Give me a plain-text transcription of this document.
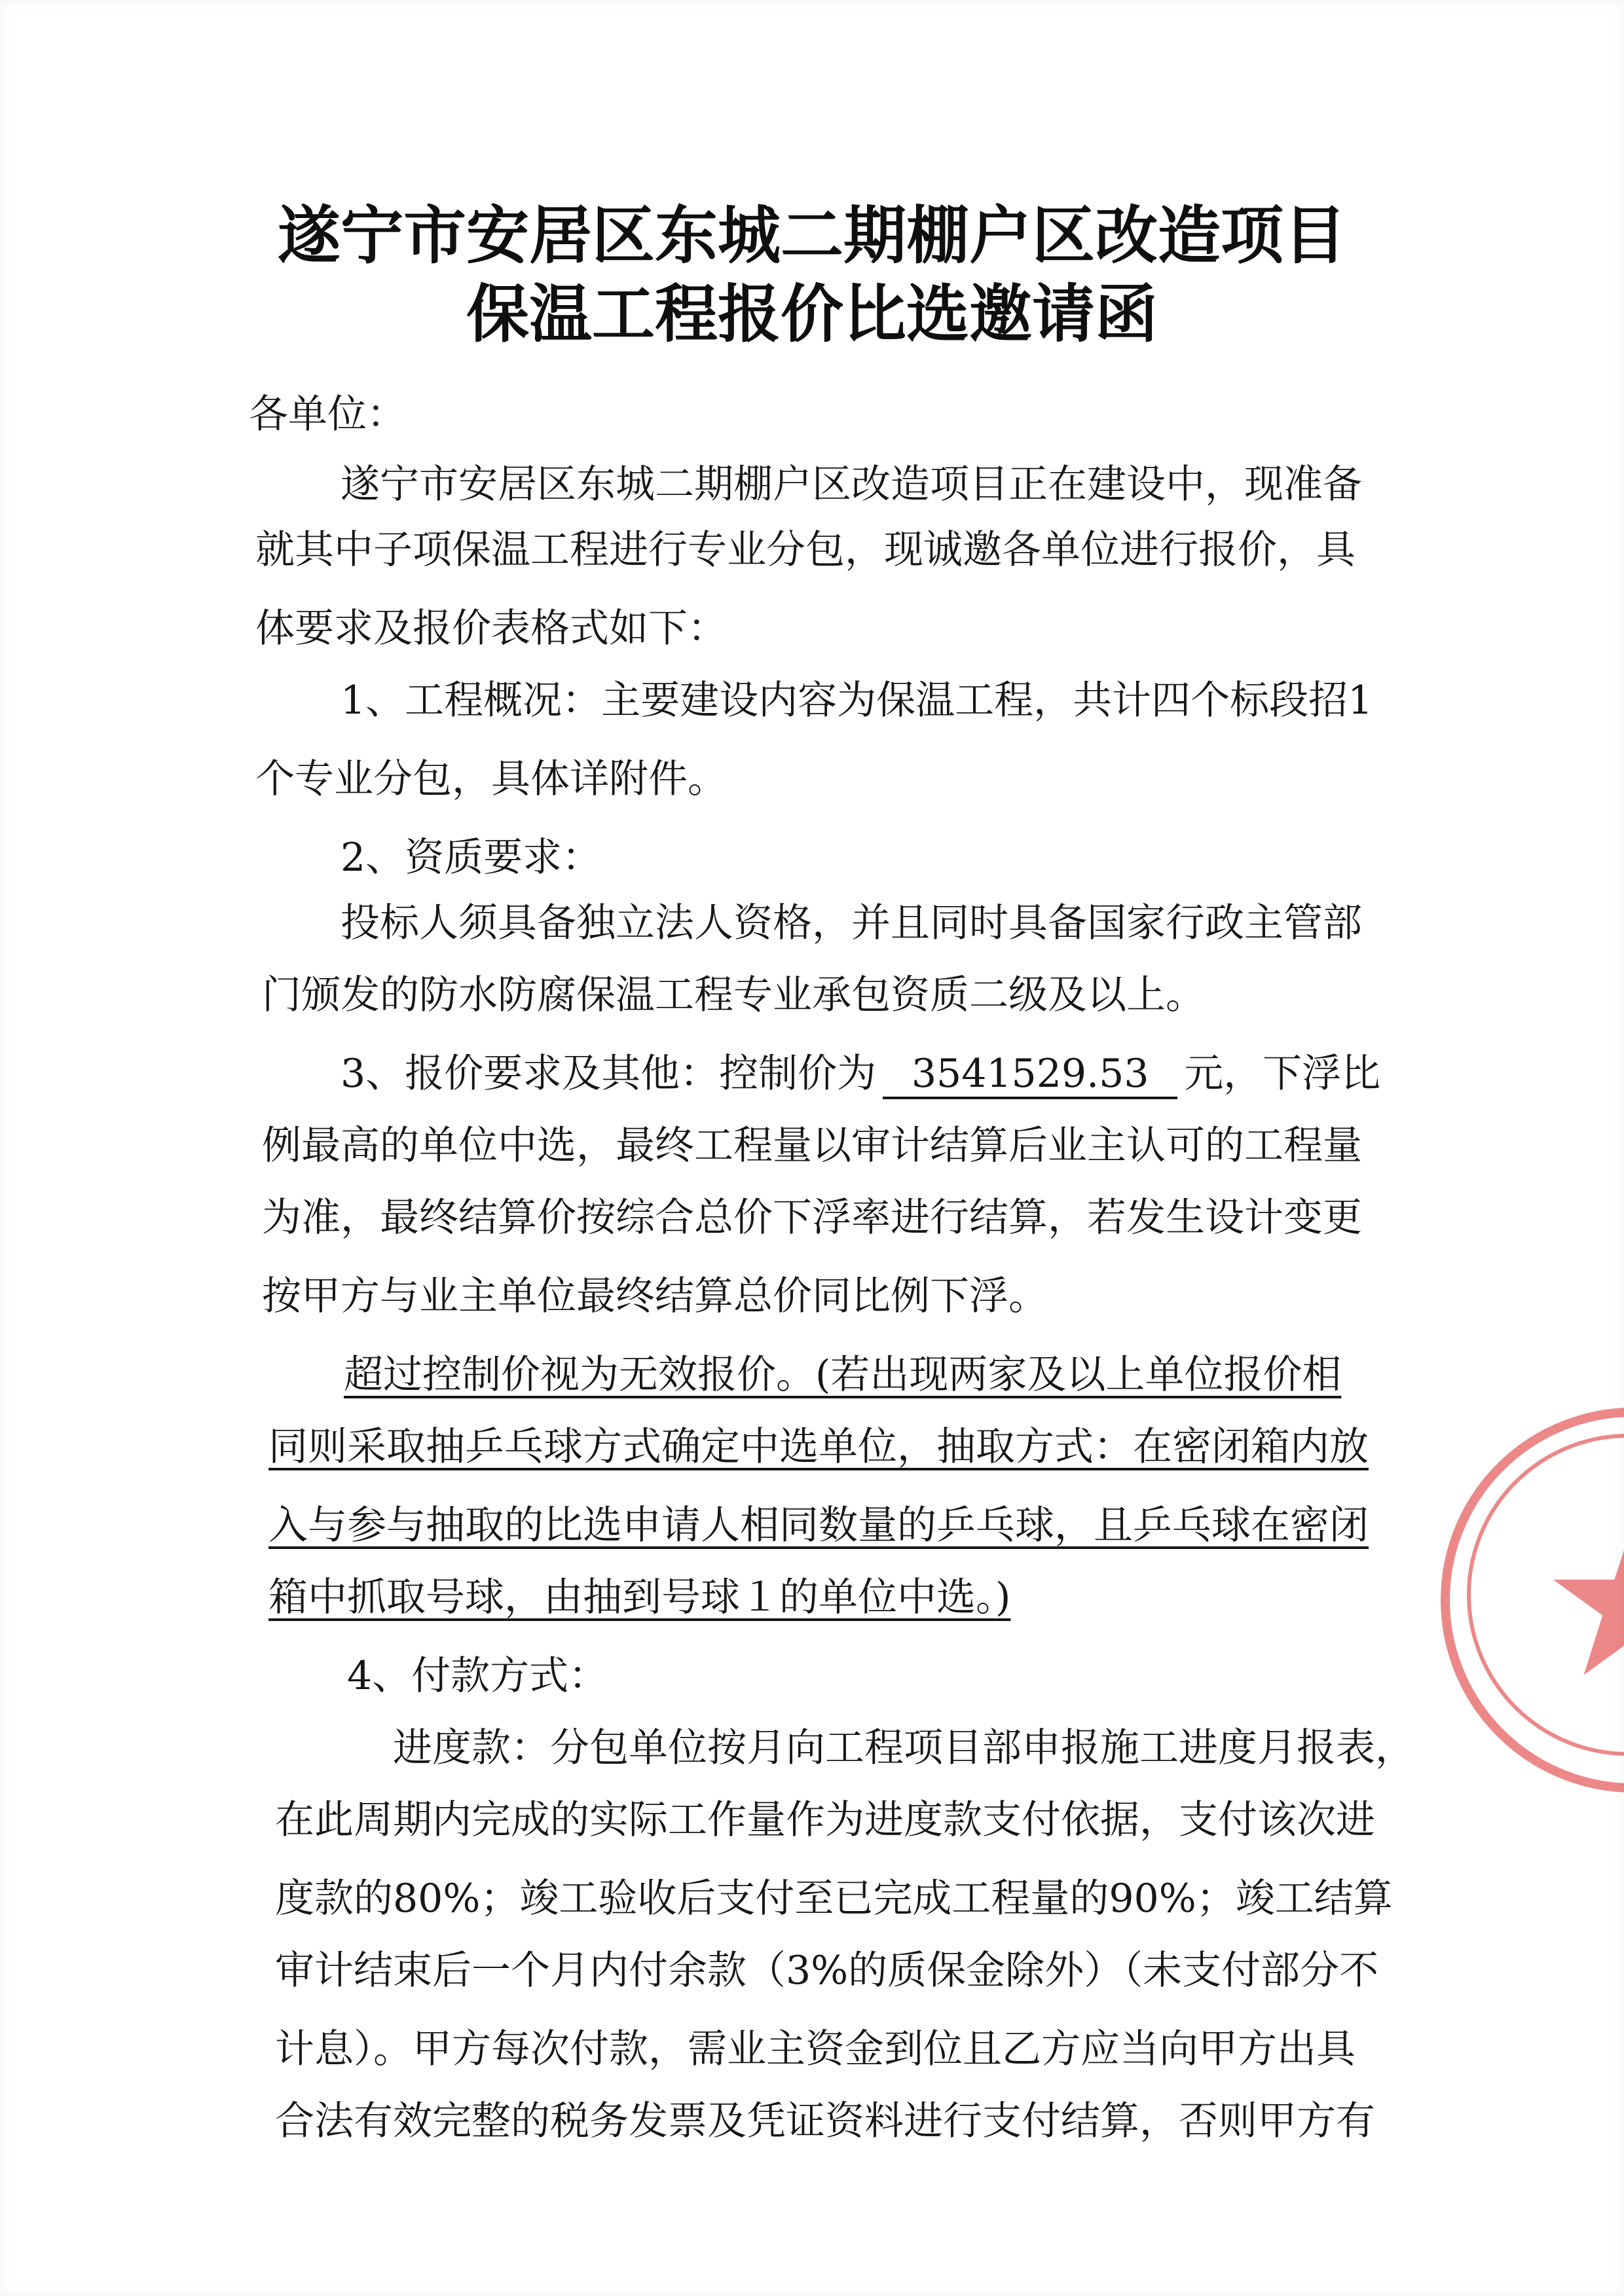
遂宁市安居区东城二期棚户区改造项目
保温工程报价比选邀请函
各单位：
遂宁市安居区东城二期棚户区改造项目正在建设中，现准备
就其中子项保温工程进行专业分包，现诚邀各单位进行报价，具
体要求及报价表格式如下：
1、工程概况：主要建设内容为保温工程，共计四个标段招1
个专业分包，具体详附件。
2、资质要求：
投标人须具备独立法人资格，并且同时具备国家行政主管部
门颁发的防水防腐保温工程专业承包资质二级及以上。
3、报价要求及其他：控制价为 3541529.53 元，下浮比
例最高的单位中选，最终工程量以审计结算后业主认可的工程量
为准，最终结算价按综合总价下浮率进行结算，若发生设计变更
按甲方与业主单位最终结算总价同比例下浮。
超过控制价视为无效报价。(若出现两家及以上单位报价相
同则采取抽乒乓球方式确定中选单位，抽取方式：在密闭箱内放
入与参与抽取的比选申请人相同数量的乒乓球，且乒乓球在密闭
箱中抓取号球，由抽到号球１的单位中选。)
4、付款方式：
进度款：分包单位按月向工程项目部申报施工进度月报表，
在此周期内完成的实际工作量作为进度款支付依据，支付该次进
度款的80%；竣工验收后支付至已完成工程量的90%；竣工结算
审计结束后一个月内付余款（3%的质保金除外）（未支付部分不
计息）。甲方每次付款，需业主资金到位且乙方应当向甲方出具
合法有效完整的税务发票及凭证资料进行支付结算，否则甲方有
